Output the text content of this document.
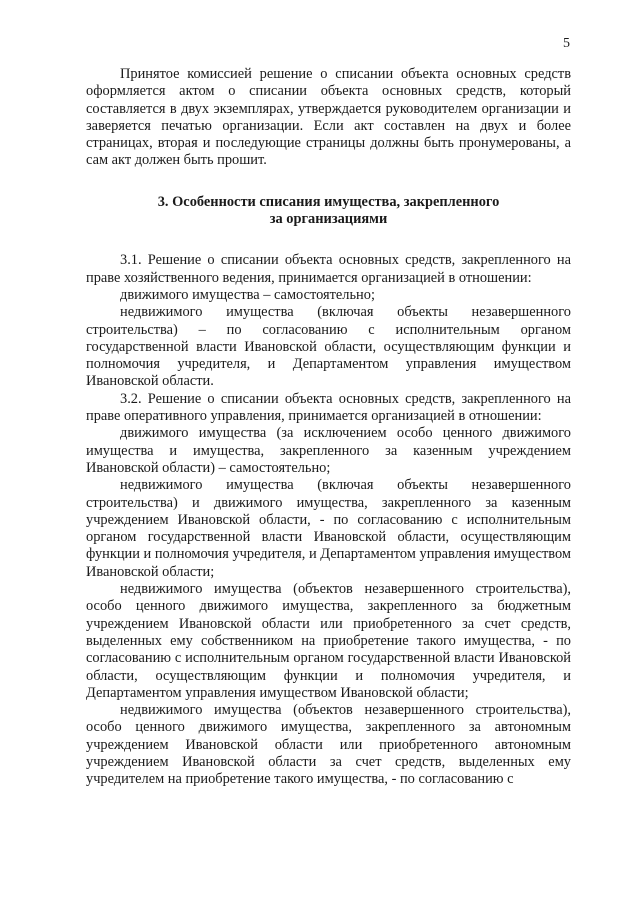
5

Принятое комиссией решение о списании объекта основных средств оформляется актом о списании объекта основных средств, который составляется в двух экземплярах, утверждается руководителем организации и заверяется печатью организации. Если акт составлен на двух и более страницах, вторая и последующие страницы должны быть пронумерованы, а сам акт должен быть прошит.

3. Особенности списания имущества, закрепленного
за организациями

3.1. Решение о списании объекта основных средств, закрепленного на праве хозяйственного ведения, принимается организацией в отношении:

движимого имущества – самостоятельно;

недвижимого имущества (включая объекты незавершенного строительства) – по согласованию с исполнительным органом государственной власти Ивановской области, осуществляющим функции и полномочия учредителя, и Департаментом управления имуществом Ивановской области.

3.2. Решение о списании объекта основных средств, закрепленного на праве оперативного управления, принимается организацией в отношении:

движимого имущества (за исключением особо ценного движимого имущества и имущества, закрепленного за казенным учреждением Ивановской области) – самостоятельно;

недвижимого имущества (включая объекты незавершенного строительства) и движимого имущества, закрепленного за казенным учреждением Ивановской области, - по согласованию с исполнительным органом государственной власти Ивановской области, осуществляющим функции и полномочия учредителя, и Департаментом управления имуществом Ивановской области;

недвижимого имущества (объектов незавершенного строительства), особо ценного движимого имущества, закрепленного за бюджетным учреждением Ивановской области или приобретенного за счет средств, выделенных ему собственником на приобретение такого имущества, - по согласованию с исполнительным органом государственной власти Ивановской области, осуществляющим функции и полномочия учредителя, и Департаментом управления имуществом Ивановской области;

недвижимого имущества (объектов незавершенного строительства), особо ценного движимого имущества, закрепленного за автономным учреждением Ивановской области или приобретенного автономным учреждением Ивановской области за счет средств, выделенных ему учредителем на приобретение такого имущества, - по согласованию с
